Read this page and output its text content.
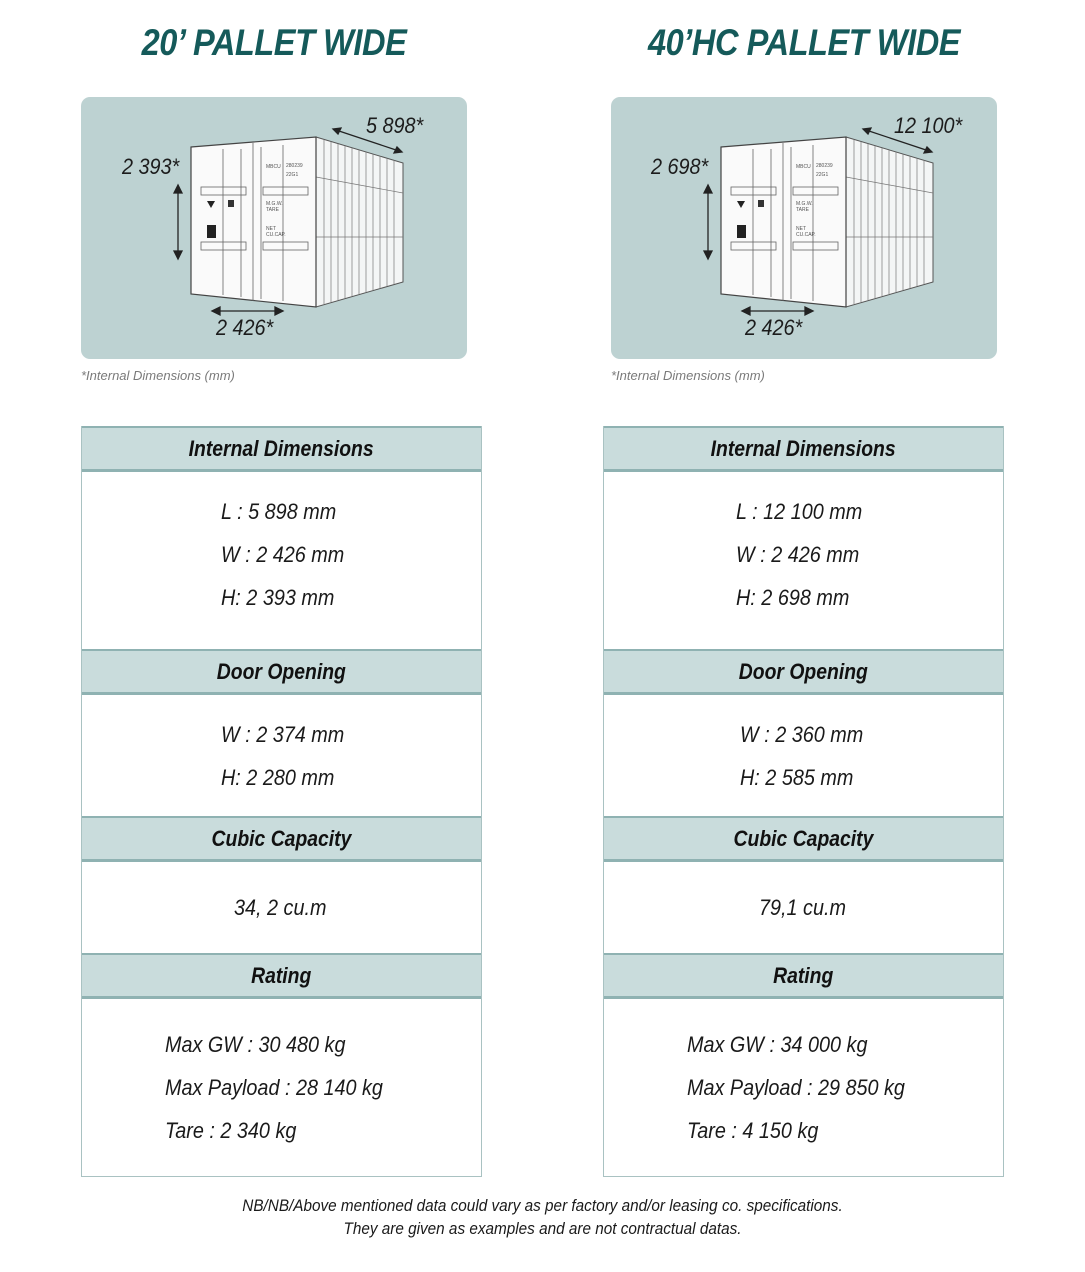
20’ PALLET WIDE
MBCU 280239
22G1
M.G.W.
TARE
NET
CU.CAP.
5 898*
2 393*
2 426*
*Internal Dimensions (mm)
Internal Dimensions
L : 5 898 mm
W : 2 426 mm
H: 2 393 mm
Door Opening
W : 2 374 mm
H: 2 280 mm
Cubic Capacity
34, 2 cu.m
Rating
Max GW : 30 480 kg
Max Payload : 28 140 kg
Tare : 2 340 kg
40’HC PALLET WIDE
MBCU 280239
22G1
M.G.W.
TARE
NET
CU.CAP.
12 100*
2 698*
2 426*
*Internal Dimensions (mm)
Internal Dimensions
L : 12 100 mm
W : 2 426 mm
H: 2 698 mm
Door Opening
W : 2 360 mm
H: 2 585 mm
Cubic Capacity
79,1 cu.m
Rating
Max GW : 34 000 kg
Max Payload : 29 850 kg
Tare : 4 150 kg
NB/NB/Above mentioned data could vary as per factory and/or leasing co. specifications.
They are given as examples and are not contractual datas.
